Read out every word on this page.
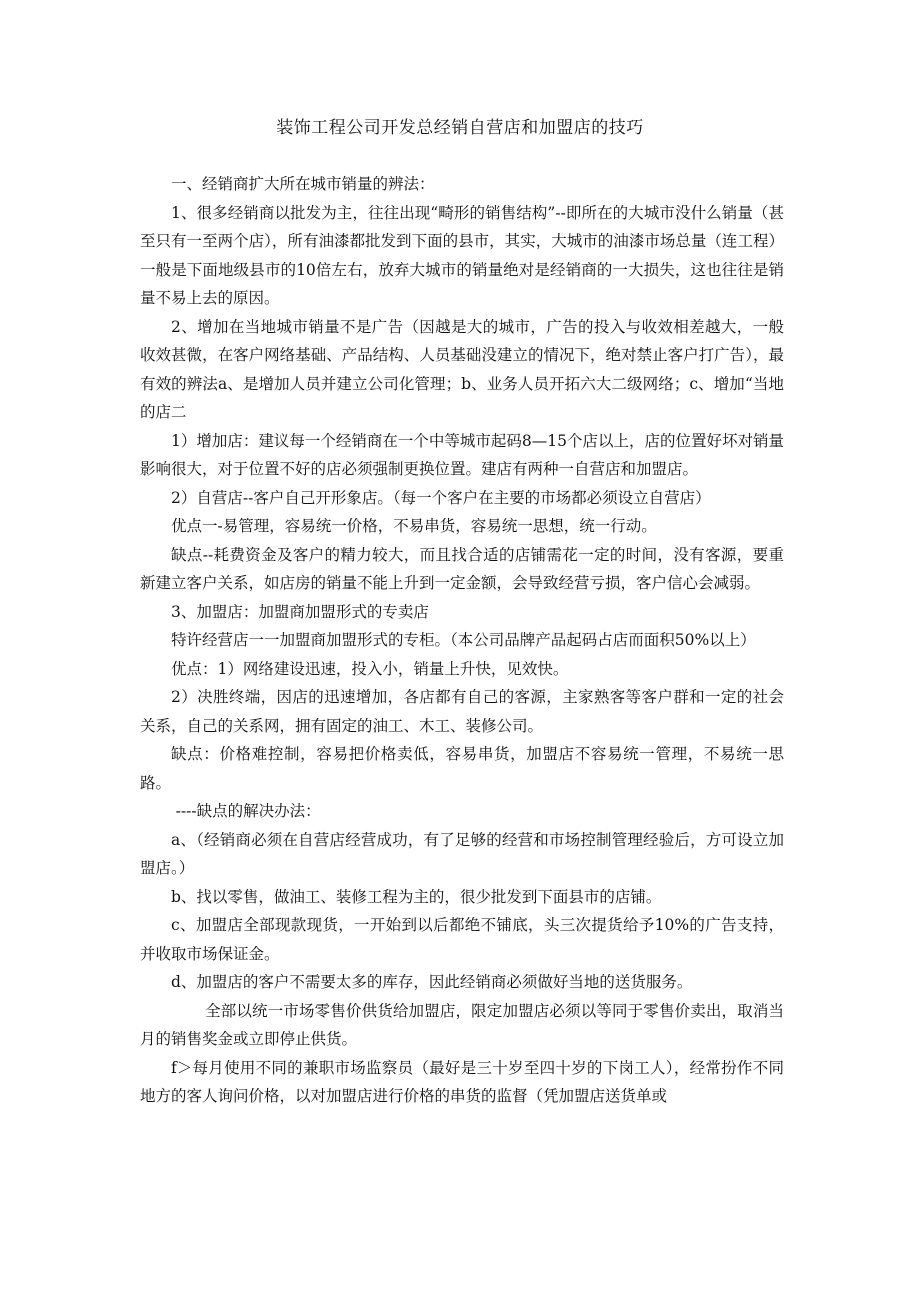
装饰工程公司开发总经销自营店和加盟店的技巧

一、经销商扩大所在城市销量的辨法：

1、很多经销商以批发为主，往往出现“畸形的销售结构”--即所在的大城市没什么销量（甚至只有一至两个店），所有油漆都批发到下面的县市，其实，大城市的油漆市场总量（连工程）一般是下面地级县市的10倍左右，放弃大城市的销量绝对是经销商的一大损失，这也往往是销量不易上去的原因。

2、增加在当地城市销量不是广告（因越是大的城市，广告的投入与收效相差越大，一般收效甚微，在客户网络基础、产品结构、人员基础没建立的情况下，绝对禁止客户打广告），最有效的辨法a、是增加人员并建立公司化管理；b、业务人员开拓六大二级网络；c、增加“当地的店二

1）增加店：建议每一个经销商在一个中等城市起码8—15个店以上，店的位置好坏对销量影响很大，对于位置不好的店必须强制更换位置。建店有两种一自营店和加盟店。

2）自营店--客户自己开形象店。（每一个客户在主要的市场都必须设立自营店）

优点一-易管理，容易统一价格，不易串货，容易统一思想，统一行动。

缺点--耗费资金及客户的精力较大，而且找合适的店铺需花一定的时间，没有客源，要重新建立客户关系，如店房的销量不能上升到一定金额，会导致经营亏损，客户信心会减弱。

3、加盟店：加盟商加盟形式的专卖店

特许经营店一一加盟商加盟形式的专柜。（本公司品牌产品起码占店而面积50%以上）

优点：1）网络建设迅速，投入小，销量上升快，见效快。

2）决胜终端，因店的迅速增加，各店都有自己的客源，主家熟客等客户群和一定的社会关系，自己的关系网，拥有固定的油工、木工、装修公司。

缺点：价格难控制，容易把价格卖低，容易串货，加盟店不容易统一管理，不易统一思路。

----缺点的解决办法：

a、（经销商必须在自营店经营成功，有了足够的经营和市场控制管理经验后，方可设立加盟店。）

b、找以零售，做油工、装修工程为主的，很少批发到下面县市的店铺。

c、加盟店全部现款现货，一开始到以后都绝不铺底，头三次提货给予10%的广告支持，并收取市场保证金。

d、加盟店的客户不需要太多的库存，因此经销商必须做好当地的送货服务。

全部以统一市场零售价供货给加盟店，限定加盟店必须以等同于零售价卖出，取消当月的销售奖金或立即停止供货。

f＞每月使用不同的兼职市场监察员（最好是三十岁至四十岁的下岗工人），经常扮作不同地方的客人询问价格，以对加盟店进行价格的串货的监督（凭加盟店送货单或
